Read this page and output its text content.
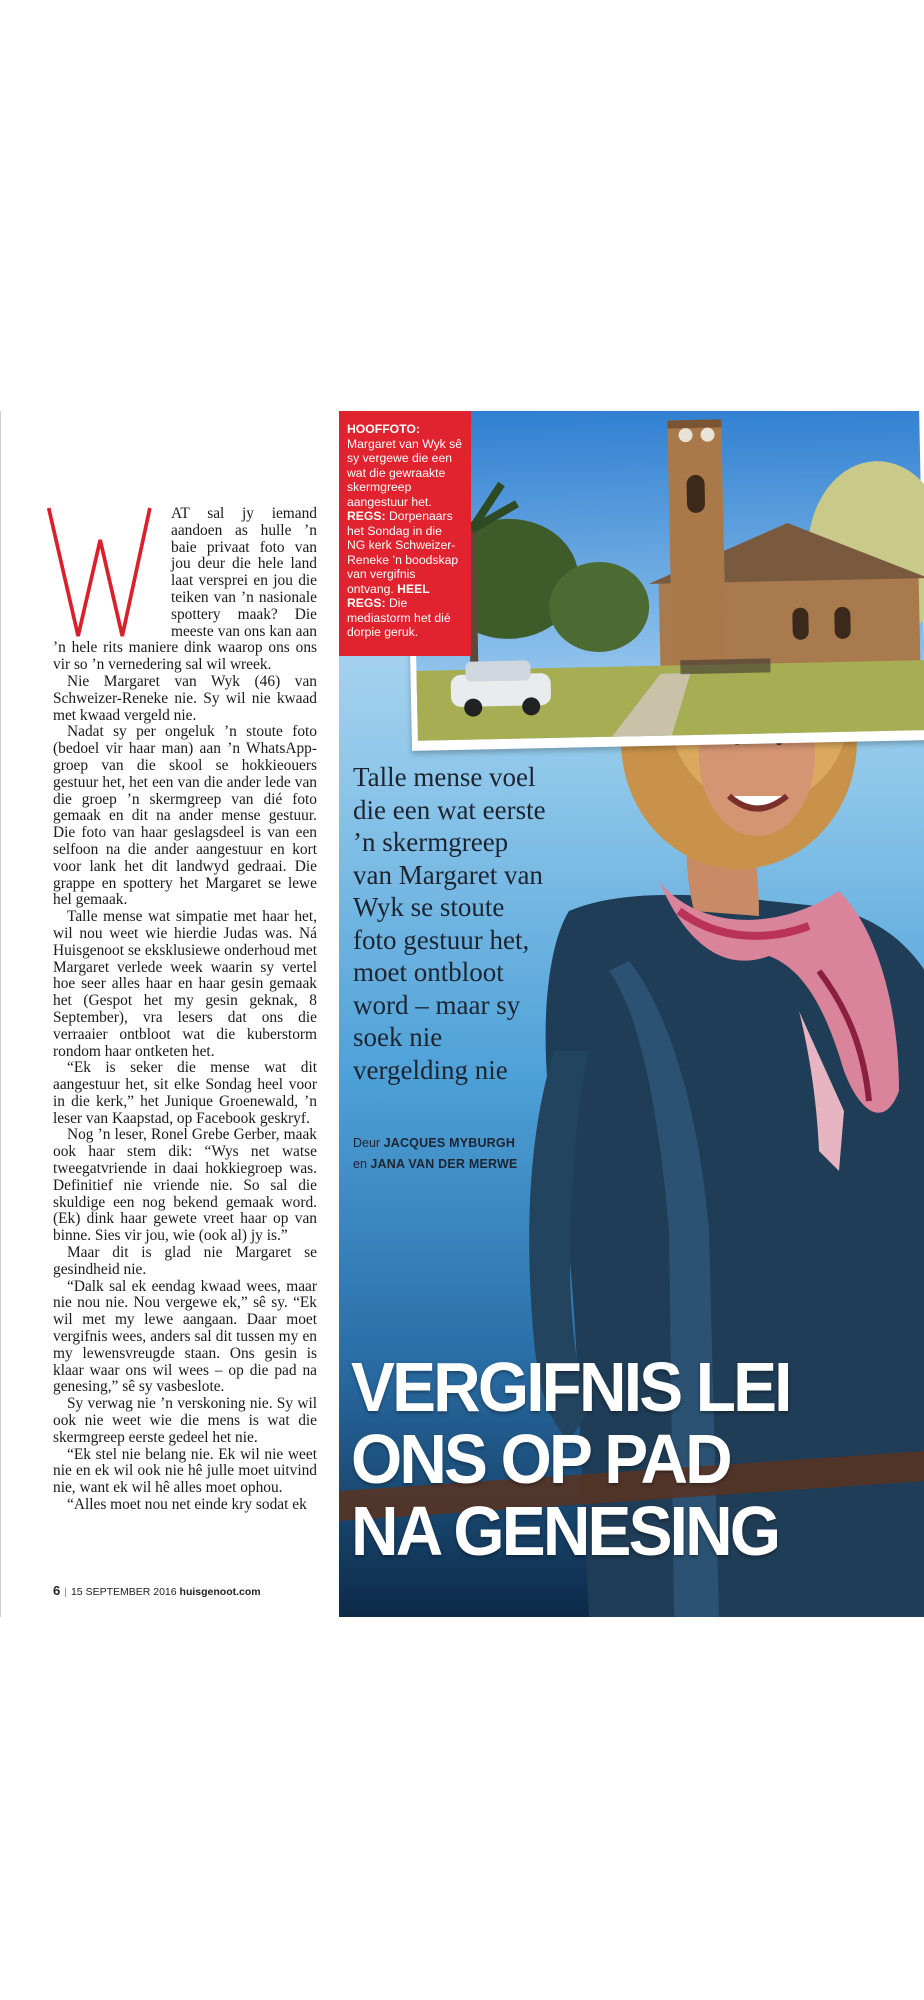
AT sal jy iemand aandoen as hulle ’n baie privaat foto van jou deur die hele land laat versprei en jou die teiken van ’n nasionale spottery maak? Die meeste van ons kan aan ’n hele rits maniere dink waarop ons ons vir so ’n vernedering sal wil wreek.

Nie Margaret van Wyk (46) van Schweizer-Reneke nie. Sy wil nie kwaad met kwaad vergeld nie.

Nadat sy per ongeluk ’n stoute foto (bedoel vir haar man) aan ’n WhatsApp-groep van die skool se hokkieouers gestuur het, het een van die ander lede van die groep ’n skermgreep van dié foto gemaak en dit na ander mense gestuur. Die foto van haar geslagsdeel is van een selfoon na die ander aangestuur en kort voor lank het dit landwyd gedraai. Die grappe en spottery het Margaret se lewe hel gemaak.

Talle mense wat simpatie met haar het, wil nou weet wie hierdie Judas was. Ná Huisgenoot se eksklusiewe onderhoud met Margaret verlede week waarin sy vertel hoe seer alles haar en haar gesin gemaak het (Gespot het my gesin geknak, 8 September), vra lesers dat ons die verraaier ontbloot wat die kuberstorm rondom haar ontketen het.

“Ek is seker die mense wat dit aangestuur het, sit elke Sondag heel voor in die kerk,” het Junique Groenewald, ’n leser van Kaapstad, op Facebook geskryf.

Nog ’n leser, Ronel Grebe Gerber, maak ook haar stem dik: “Wys net watse tweegatvriende in daai hokkiegroep was. Definitief nie vriende nie. So sal die skuldige een nog bekend gemaak word. (Ek) dink haar gewete vreet haar op van binne. Sies vir jou, wie (ook al) jy is.”

Maar dit is glad nie Margaret se gesindheid nie.

“Dalk sal ek eendag kwaad wees, maar nie nou nie. Nou vergewe ek,” sê sy. “Ek wil met my lewe aangaan. Daar moet vergifnis wees, anders sal dit tussen my en my lewensvreugde staan. Ons gesin is klaar waar ons wil wees – op die pad na genesing,” sê sy vasbeslote.

Sy verwag nie ’n verskoning nie. Sy wil ook nie weet wie die mens is wat die skermgreep eerste gedeel het nie.

“Ek stel nie belang nie. Ek wil nie weet nie en ek wil ook nie hê julle moet uitvind nie, want ek wil hê alles moet ophou.

“Alles moet nou net einde kry sodat ek

6 | 15 SEPTEMBER 2016 huisgenoot.com
HOOFFOTO: Margaret van Wyk sê sy vergewe die een wat die gewraakte skermgreep aangestuur het. REGS: Dorpenaars het Sondag in die NG kerk Schweizer-Reneke ’n boodskap van vergifnis ontvang. HEEL REGS: Die mediastorm het dié dorpie geruk.
Talle mense voel die een wat eerste ’n skermgreep van Margaret van Wyk se stoute foto gestuur het, moet ontbloot word – maar sy soek nie vergelding nie
Deur JACQUES MYBURGH
en JANA VAN DER MERWE
VERGIFNIS LEI
ONS OP PAD
NA GENESING
